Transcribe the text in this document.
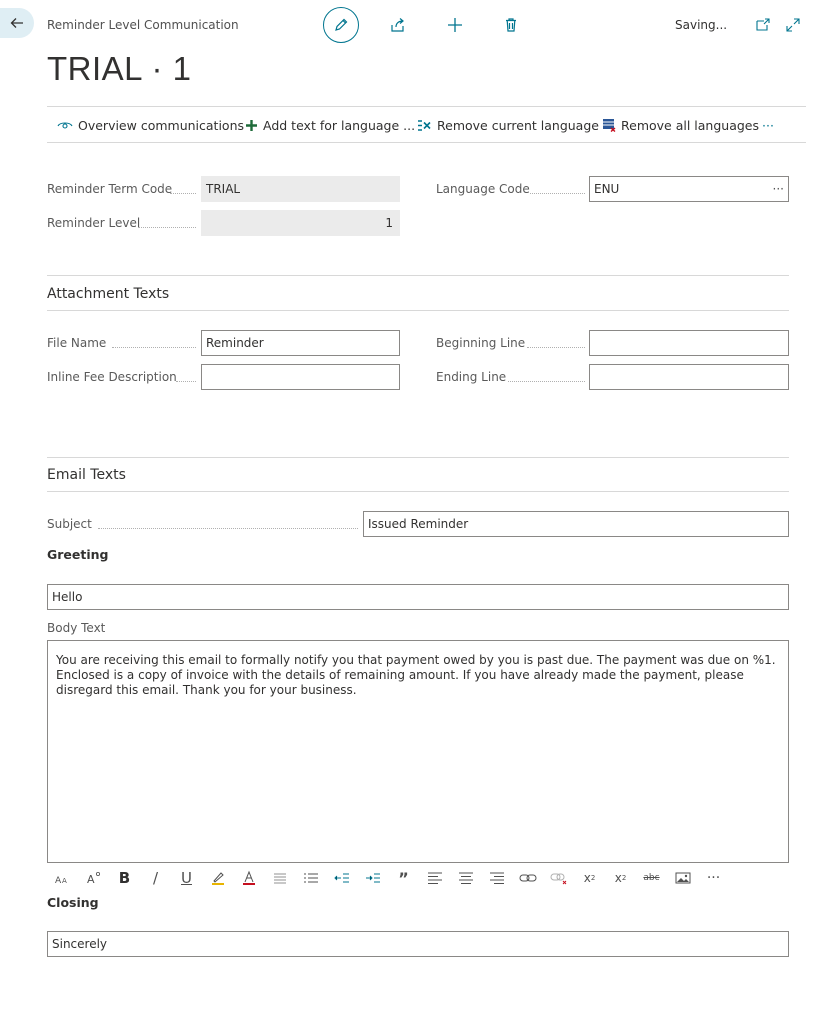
Reminder Level Communication
TRIAL · 1
Saving...
Overview communications Add text for language ... Remove current language Remove all languages ···
Reminder Term Code	TRIAL
Reminder Level	1
Language Code	ENU	···
Attachment Texts
File Name	Reminder
Inline Fee Description
Beginning Line
Ending Line
Email Texts
Subject	Issued Reminder
Greeting
Hello
Body Text
You are receiving this email to formally notify you that payment owed by you is past due. The payment was due on %1. Enclosed is a copy of invoice with the details of remaining amount. If you have already made the payment, please disregard this email. Thank you for your business.
A A A	B	/	U	”	x 2 x 2	abc	···
Closing
Sincerely
